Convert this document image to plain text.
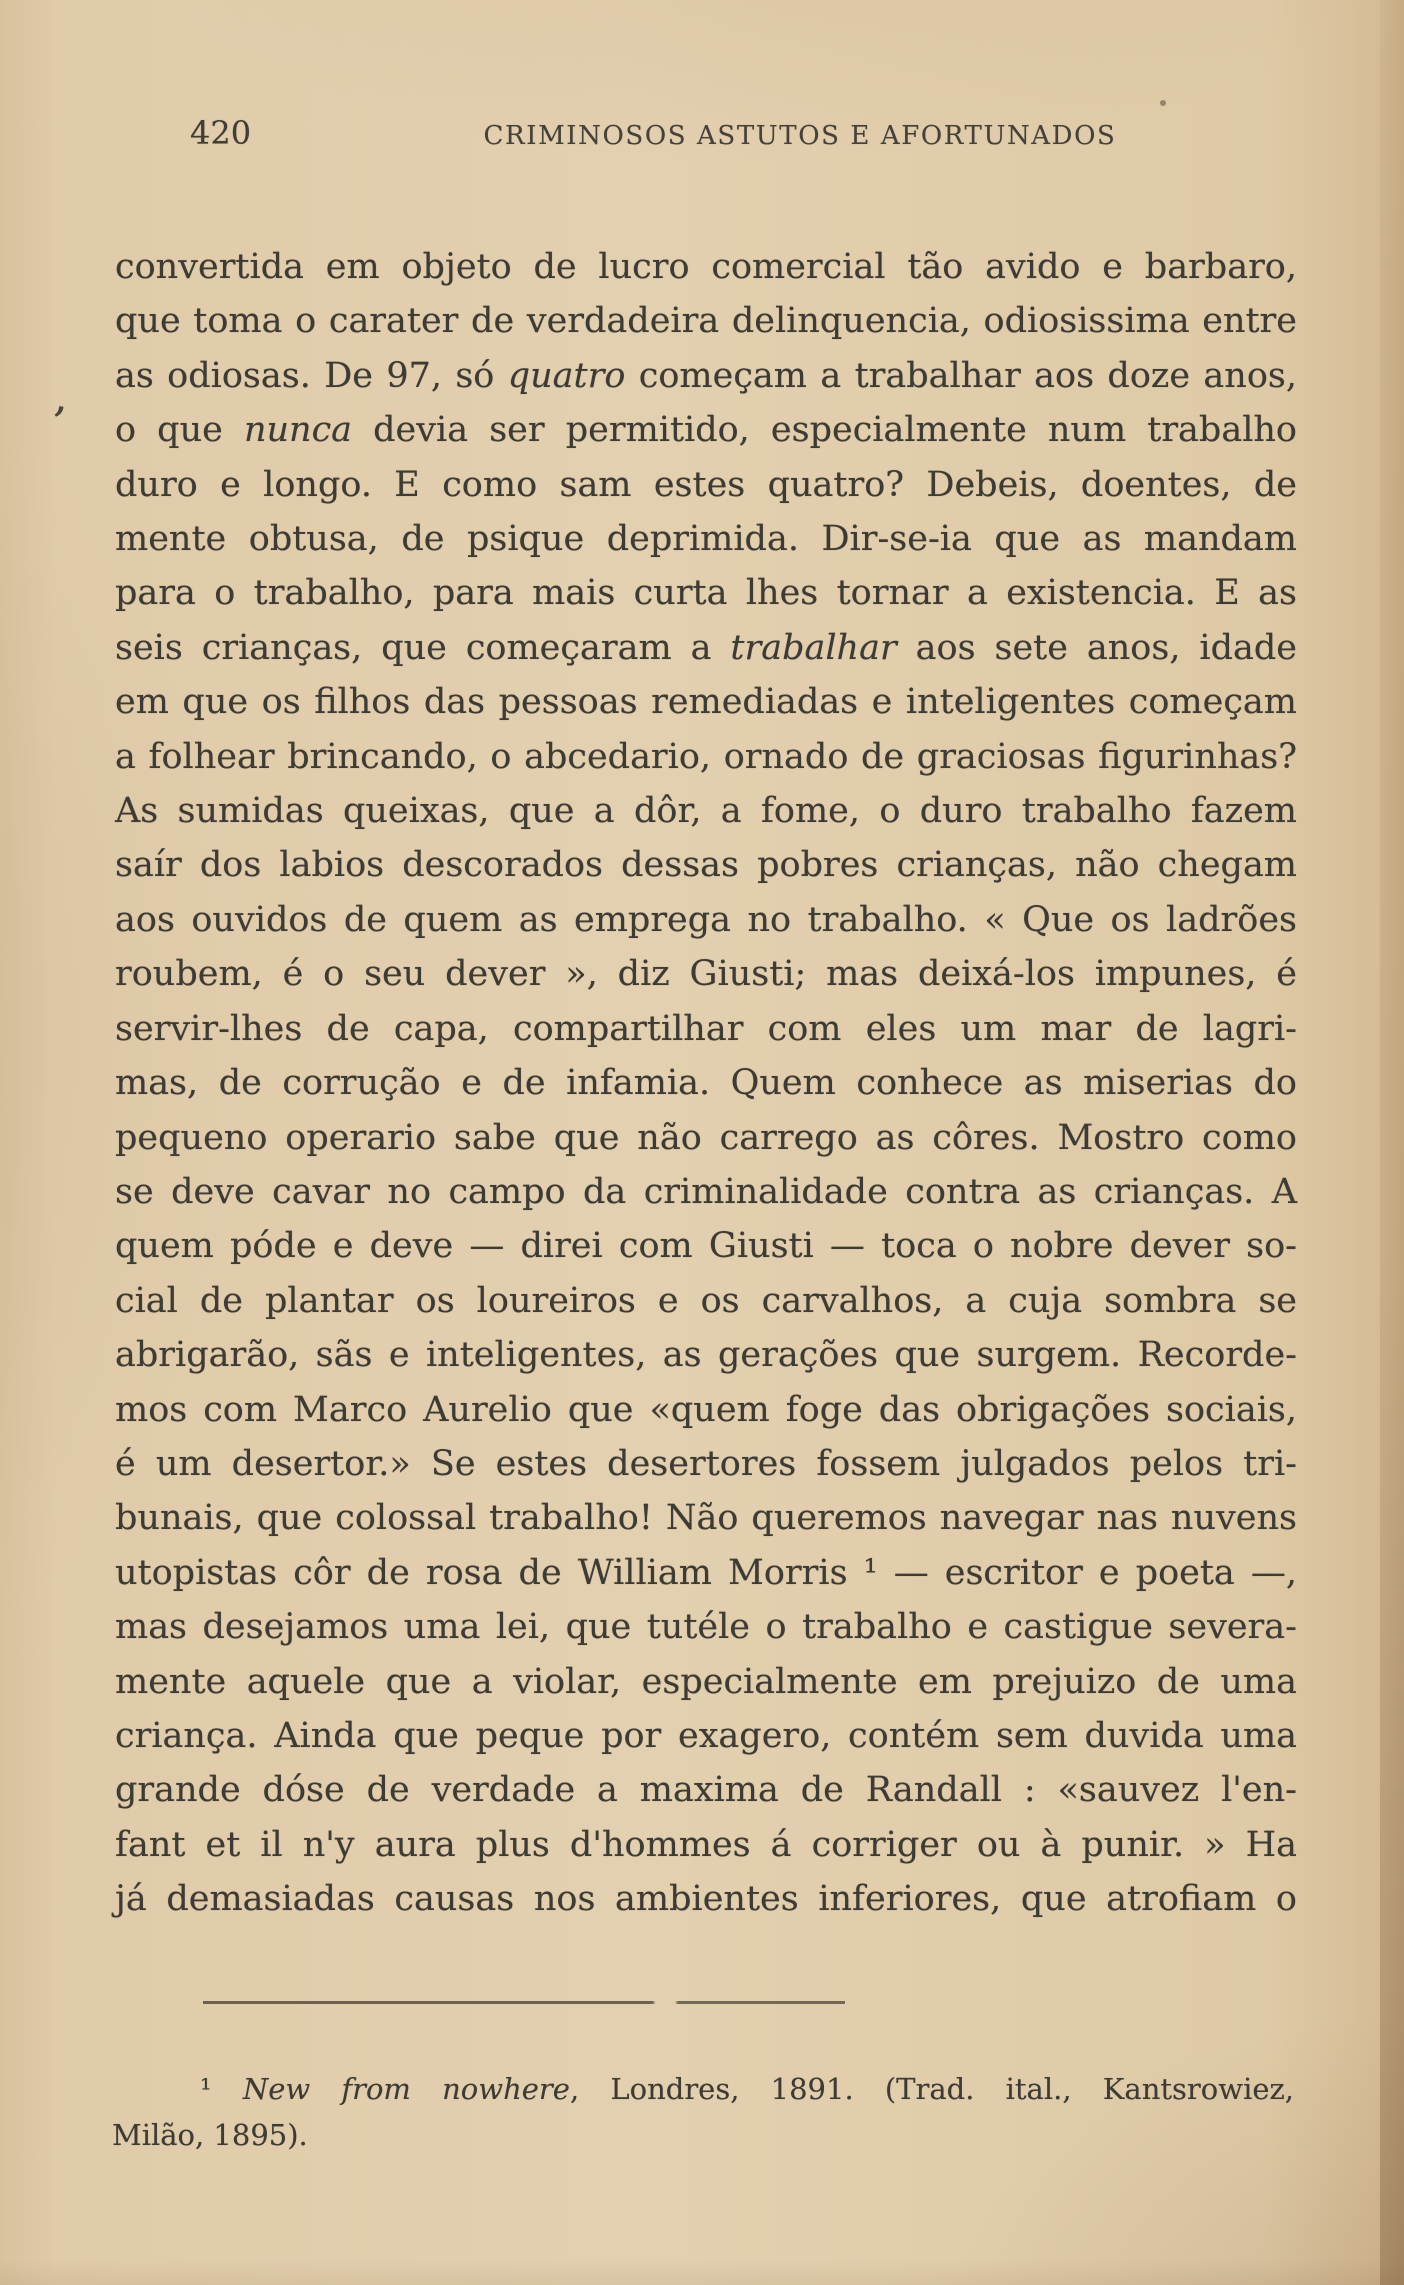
420	CRIMINOSOS ASTUTOS E AFORTUNADOS
’
convertida em objeto de lucro comercial tão avido e barbaro,
que toma o carater de verdadeira delinquencia, odiosissima entre
as odiosas. De 97, só quatro começam a trabalhar aos doze anos,
o que nunca devia ser permitido, especialmente num trabalho
duro e longo. E como sam estes quatro? Debeis, doentes, de
mente obtusa, de psique deprimida. Dir-se-ia que as mandam
para o trabalho, para mais curta lhes tornar a existencia. E as
seis crianças, que começaram a trabalhar aos sete anos, idade
em que os filhos das pessoas remediadas e inteligentes começam
a folhear brincando, o abcedario, ornado de graciosas figurinhas?
As sumidas queixas, que a dôr, a fome, o duro trabalho fazem
saír dos labios descorados dessas pobres crianças, não chegam
aos ouvidos de quem as emprega no trabalho. « Que os ladrões
roubem, é o seu dever », diz Giusti; mas deixá-los impunes, é
servir-lhes de capa, compartilhar com eles um mar de lagri-
mas, de corrução e de infamia. Quem conhece as miserias do
pequeno operario sabe que não carrego as côres. Mostro como
se deve cavar no campo da criminalidade contra as crianças. A
quem póde e deve — direi com Giusti — toca o nobre dever so-
cial de plantar os loureiros e os carvalhos, a cuja sombra se
abrigarão, sãs e inteligentes, as gerações que surgem. Recorde-
mos com Marco Aurelio que «quem foge das obrigações sociais,
é um desertor.» Se estes desertores fossem julgados pelos tri-
bunais, que colossal trabalho! Não queremos navegar nas nuvens
utopistas côr de rosa de William Morris ¹ — escritor e poeta —,
mas desejamos uma lei, que tutéle o trabalho e castigue severa-
mente aquele que a violar, especialmente em prejuizo de uma
criança. Ainda que peque por exagero, contém sem duvida uma
grande dóse de verdade a maxima de Randall : «sauvez l'en-
fant et il n'y aura plus d'hommes á corriger ou à punir. » Ha
já demasiadas causas nos ambientes inferiores, que atrofiam o
¹ New from nowhere, Londres, 1891. (Trad. ital., Kantsrowiez,
Milão, 1895).
